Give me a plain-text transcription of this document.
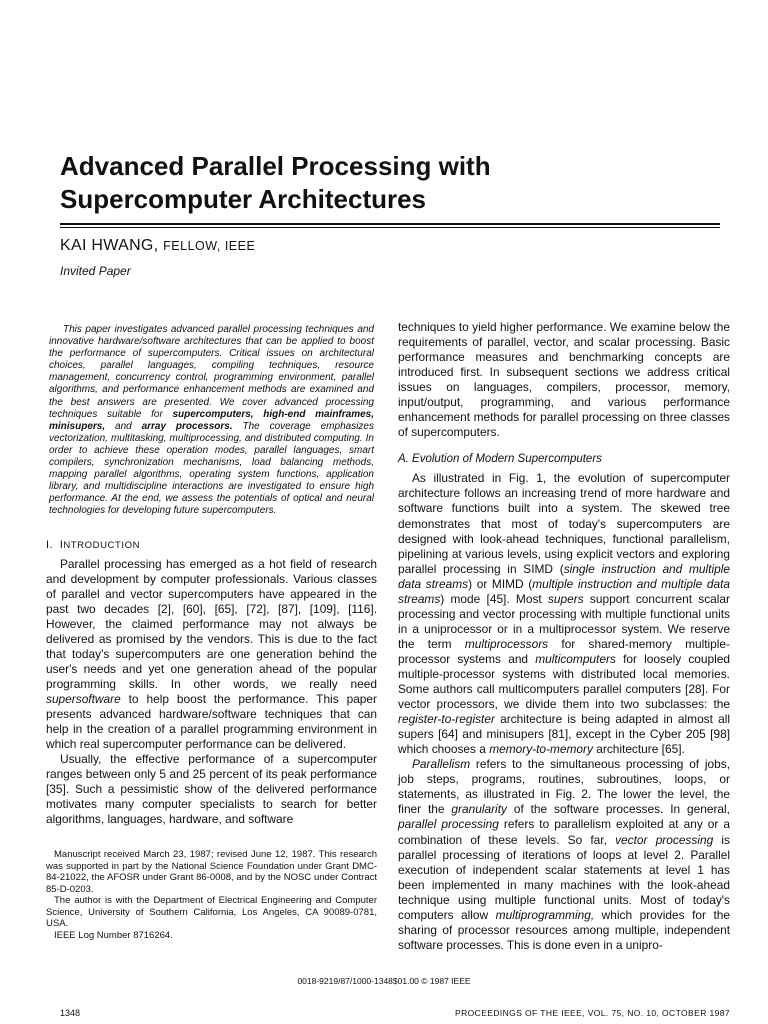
Advanced Parallel Processing with
Supercomputer Architectures
KAI HWANG, FELLOW, IEEE
Invited Paper

This paper investigates advanced parallel processing techniques and innovative hardware/software architectures that can be applied to boost the performance of supercomputers. Critical issues on architectural choices, parallel languages, compiling techniques, resource management, concurrency control, programming environment, parallel algorithms, and performance enhancement methods are examined and the best answers are presented. We cover advanced processing techniques suitable for supercomputers, high-end mainframes, minisupers, and array processors. The coverage emphasizes vectorization, multitasking, multiprocessing, and distributed computing. In order to achieve these operation modes, parallel languages, smart compilers, synchronization mechanisms, load balancing methods, mapping parallel algorithms, operating system functions, application library, and multidiscipline interactions are investigated to ensure high performance. At the end, we assess the potentials of optical and neural technologies for developing future supercomputers.

I. INTRODUCTION

Parallel processing has emerged as a hot field of research and development by computer professionals. Various classes of parallel and vector supercomputers have appeared in the past two decades [2], [60], [65], [72], [87], [109], [116]. However, the claimed performance may not always be delivered as promised by the vendors. This is due to the fact that today's supercomputers are one generation behind the user's needs and yet one generation ahead of the popular programming skills. In other words, we really need supersoftware to help boost the performance. This paper presents advanced hardware/software techniques that can help in the creation of a parallel programming environment in which real supercomputer performance can be delivered.

Usually, the effective performance of a supercomputer ranges between only 5 and 25 percent of its peak performance [35]. Such a pessimistic show of the delivered performance motivates many computer specialists to search for better algorithms, languages, hardware, and software

Manuscript received March 23, 1987; revised June 12, 1987. This research was supported in part by the National Science Foundation under Grant DMC-84-21022, the AFOSR under Grant 86-0008, and by the NOSC under Contract 85-D-0203.

The author is with the Department of Electrical Engineering and Computer Science, University of Southern California, Los Angeles, CA 90089-0781, USA.

IEEE Log Number 8716264.

techniques to yield higher performance. We examine below the requirements of parallel, vector, and scalar processing. Basic performance measures and benchmarking concepts are introduced first. In subsequent sections we address critical issues on languages, compilers, processor, memory, input/output, programming, and various performance enhancement methods for parallel processing on three classes of supercomputers.

A. Evolution of Modern Supercomputers

As illustrated in Fig. 1, the evolution of supercomputer architecture follows an increasing trend of more hardware and software functions built into a system. The skewed tree demonstrates that most of today's supercomputers are designed with look-ahead techniques, functional parallelism, pipelining at various levels, using explicit vectors and exploring parallel processing in SIMD (single instruction and multiple data streams) or MIMD (multiple instruction and multiple data streams) mode [45]. Most supers support concurrent scalar processing and vector processing with multiple functional units in a uniprocessor or in a multiprocessor system. We reserve the term multiprocessors for shared-memory multiple-processor systems and multicomputers for loosely coupled multiple-processor systems with distributed local memories. Some authors call multicomputers parallel computers [28]. For vector processors, we divide them into two subclasses: the register-to-register architecture is being adapted in almost all supers [64] and minisupers [81], except in the Cyber 205 [98] which chooses a memory-to-memory architecture [65].

Parallelism refers to the simultaneous processing of jobs, job steps, programs, routines, subroutines, loops, or statements, as illustrated in Fig. 2. The lower the level, the finer the granularity of the software processes. In general, parallel processing refers to parallelism exploited at any or a combination of these levels. So far, vector processing is parallel processing of iterations of loops at level 2. Parallel execution of independent scalar statements at level 1 has been implemented in many machines with the look-ahead technique using multiple functional units. Most of today's computers allow multiprogramming, which provides for the sharing of processor resources among multiple, independent software processes. This is done even in a unipro-

0018-9219/87/1000-1348$01.00 © 1987 IEEE
1348	PROCEEDINGS OF THE IEEE, VOL. 75, NO. 10, OCTOBER 1987
